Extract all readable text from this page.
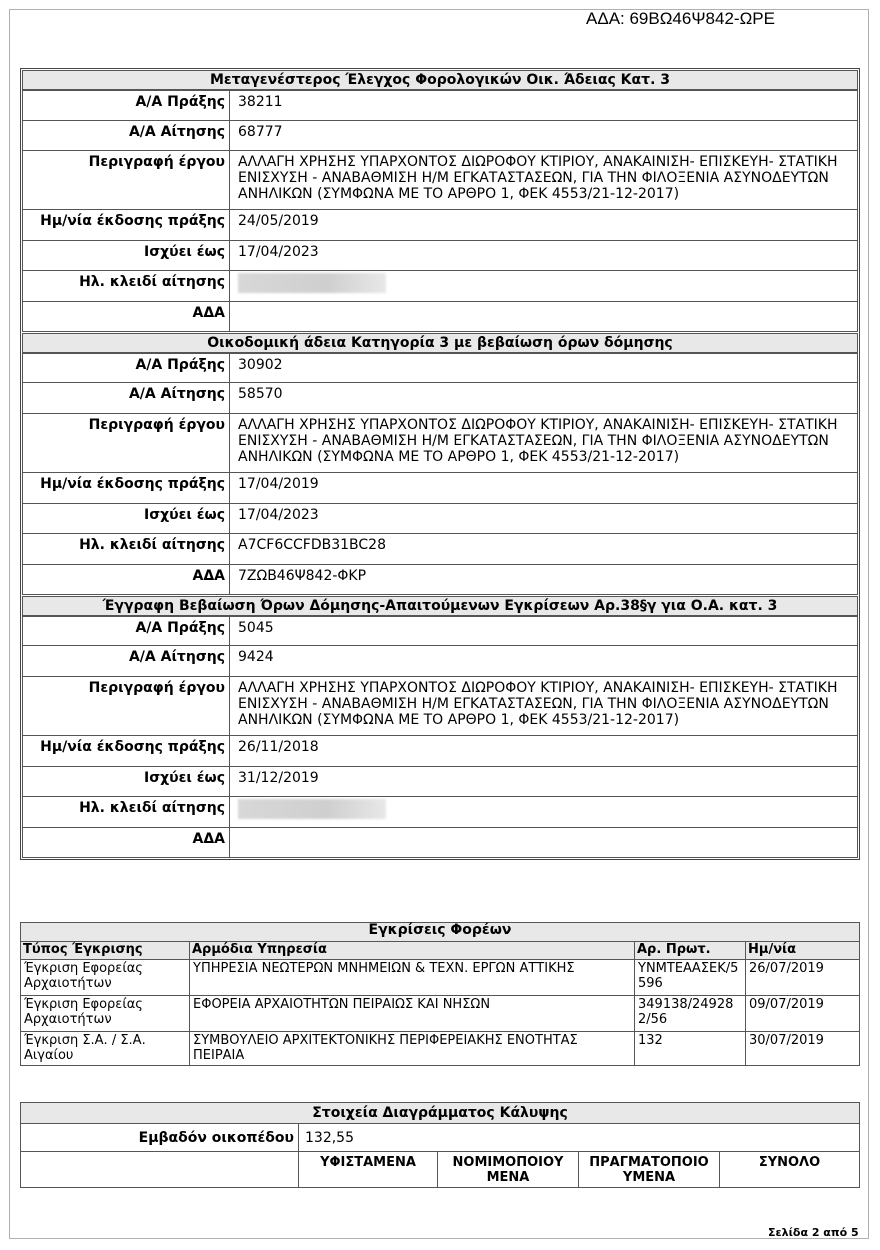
ΑΔΑ: 69ΒΩ46Ψ842-ΩΡΕ
Μεταγενέστερος Έλεγχος Φορολογικών Οικ. Άδειας Κατ. 3
Α/Α Πράξης 38211
Α/Α Αίτησης 68777
Περιγραφή έργου ΑΛΛΑΓΗ ΧΡΗΣΗΣ ΥΠΑΡΧΟΝΤΟΣ ΔΙΩΡΟΦΟΥ ΚΤΙΡΙΟΥ, ΑΝΑΚΑΙΝΙΣΗ- ΕΠΙΣΚΕΥΗ- ΣΤΑΤΙΚΗ ΕΝΙΣΧΥΣΗ - ΑΝΑΒΑΘΜΙΣΗ Η/Μ ΕΓΚΑΤΑΣΤΑΣΕΩΝ, ΓΙΑ ΤΗΝ ΦΙΛΟΞΕΝΙΑ ΑΣΥΝΟΔΕΥΤΩΝ ΑΝΗΛΙΚΩΝ (ΣΥΜΦΩΝΑ ΜΕ ΤΟ ΑΡΘΡΟ 1, ΦΕΚ 4553/21-12-2017)
Ημ/νία έκδοσης πράξης 24/05/2019
Ισχύει έως 17/04/2023
Ηλ. κλειδί αίτησης
ΑΔΑ
Οικοδομική άδεια Κατηγορία 3 με βεβαίωση όρων δόμησης
Α/Α Πράξης 30902
Α/Α Αίτησης 58570
Περιγραφή έργου ΑΛΛΑΓΗ ΧΡΗΣΗΣ ΥΠΑΡΧΟΝΤΟΣ ΔΙΩΡΟΦΟΥ ΚΤΙΡΙΟΥ, ΑΝΑΚΑΙΝΙΣΗ- ΕΠΙΣΚΕΥΗ- ΣΤΑΤΙΚΗ ΕΝΙΣΧΥΣΗ - ΑΝΑΒΑΘΜΙΣΗ Η/Μ ΕΓΚΑΤΑΣΤΑΣΕΩΝ, ΓΙΑ ΤΗΝ ΦΙΛΟΞΕΝΙΑ ΑΣΥΝΟΔΕΥΤΩΝ ΑΝΗΛΙΚΩΝ (ΣΥΜΦΩΝΑ ΜΕ ΤΟ ΑΡΘΡΟ 1, ΦΕΚ 4553/21-12-2017)
Ημ/νία έκδοσης πράξης 17/04/2019
Ισχύει έως 17/04/2023
Ηλ. κλειδί αίτησης A7CF6CCFDB31BC28
ΑΔΑ 7ΖΩΒ46Ψ842-ΦΚΡ
Έγγραφη Βεβαίωση Όρων Δόμησης-Απαιτούμενων Εγκρίσεων Αρ.38§γ για Ο.Α. κατ. 3
Α/Α Πράξης 5045
Α/Α Αίτησης 9424
Περιγραφή έργου ΑΛΛΑΓΗ ΧΡΗΣΗΣ ΥΠΑΡΧΟΝΤΟΣ ΔΙΩΡΟΦΟΥ ΚΤΙΡΙΟΥ, ΑΝΑΚΑΙΝΙΣΗ- ΕΠΙΣΚΕΥΗ- ΣΤΑΤΙΚΗ ΕΝΙΣΧΥΣΗ - ΑΝΑΒΑΘΜΙΣΗ Η/Μ ΕΓΚΑΤΑΣΤΑΣΕΩΝ, ΓΙΑ ΤΗΝ ΦΙΛΟΞΕΝΙΑ ΑΣΥΝΟΔΕΥΤΩΝ ΑΝΗΛΙΚΩΝ (ΣΥΜΦΩΝΑ ΜΕ ΤΟ ΑΡΘΡΟ 1, ΦΕΚ 4553/21-12-2017)
Ημ/νία έκδοσης πράξης 26/11/2018
Ισχύει έως 31/12/2019
Ηλ. κλειδί αίτησης
ΑΔΑ
Εγκρίσεις Φορέων			
Τύπος Έγκρισης	Αρμόδια Υπηρεσία	Αρ. Πρωτ.	Ημ/νία
Έγκριση Εφορείας Αρχαιοτήτων	ΥΠΗΡΕΣΙΑ ΝΕΩΤΕΡΩΝ ΜΝΗΜΕΙΩΝ & ΤΕΧΝ. ΕΡΓΩΝ ΑΤΤΙΚΗΣ	ΥΝΜΤΕΑΑΣΕΚ/5596	26/07/2019
Έγκριση Εφορείας Αρχαιοτήτων	ΕΦΟΡΕΙΑ ΑΡΧΑΙΟΤΗΤΩΝ ΠΕΙΡΑΙΩΣ ΚΑΙ ΝΗΣΩΝ	349138/249282/56	09/07/2019
Έγκριση Σ.Α. / Σ.Α. Αιγαίου	ΣΥΜΒΟΥΛΕΙΟ ΑΡΧΙΤΕΚΤΟΝΙΚΗΣ ΠΕΡΙΦΕΡΕΙΑΚΗΣ ΕΝΟΤΗΤΑΣ ΠΕΙΡΑΙΑ	132	30/07/2019
Στοιχεία Διαγράμματος Κάλυψης				
Εμβαδόν οικοπέδου	132,55			
	ΥΦΙΣΤΑΜΕΝΑ	ΝΟΜΙΜΟΠΟΙΟΥ ΜΕΝΑ	ΠΡΑΓΜΑΤΟΠΟΙΟ ΥΜΕΝΑ	ΣΥΝΟΛΟ
Σελίδα 2 από 5
